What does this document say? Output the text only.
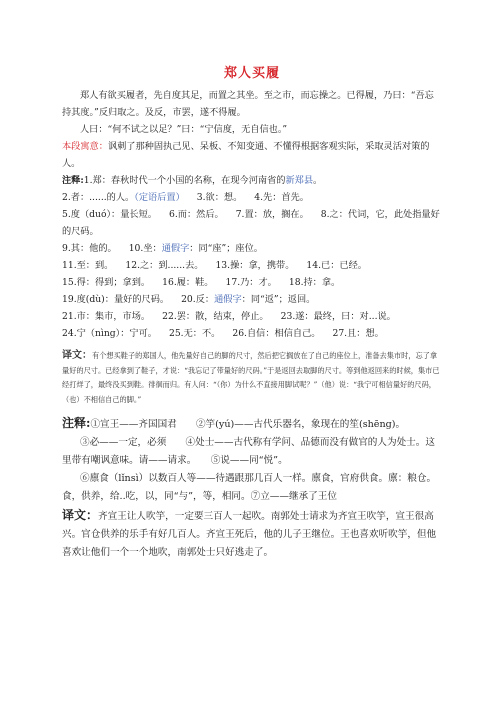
郑人买履

郑人有欲买履者，先自度其足，而置之其坐。至之市，而忘操之。已得履，乃曰：“吾忘持其度。”反归取之。及反，市罢，遂不得履。

人曰：“何不试之以足？”曰：“宁信度，无自信也。”

本段寓意：讽刺了那种固执己见、呆板、不知变通、不懂得根据客观实际，采取灵活对策的人。

注释:1.郑：春秋时代一个小国的名称，在现今河南省的新郑县。

2.者：......的人。（定语后置） 3.欲：想。 4.先：首先。

5.度（duó）：量长短。 6.而：然后。 7.置：放，搁在。 8.之：代词，它，此处指量好的尺码。

9.其：他的。 10.坐：通假字：同“座”；座位。

11.至：到。 12.之：到......去。 13.操：拿，携带。 14.已：已经。

15.得：得到；拿到。 16.履：鞋。 17.乃：才。 18.持：拿。

19.度(dù)：量好的尺码。 20.反：通假字：同“返”；返回。

21.市：集市，市场。 22.罢：散，结束，停止。 23.遂：最终，曰：对...说。

24.宁（nìng）：宁可。 25.无：不。 26.自信：相信自己。 27.且：想。

译文：有个想买鞋子的郑国人，他先量好自己的脚的尺寸，然后把它搁放在了自己的座位上，准备去集市时，忘了拿量好的尺寸。已经拿到了鞋子，才说：“我忘记了带量好的尺码。”于是返回去取脚的尺寸。等到他返回来的时候，集市已经打烊了，最终没买到鞋。徘徊而归。有人问：“（你）为什么不直接用脚试呢？”（他）说：“我宁可相信量好的尺码，（也）不相信自己的脚。”

注释:①宣王——齐国国君　　②竽(yú)——古代乐器名，象现在的笙(shēng)。

③必——一定，必须　　④处士——古代称有学问、品德而没有做官的人为处士。这里带有嘲讽意味。请——请求。　　⑤说——同“悦”。

⑥廪食（lǐnsì）以数百人等——待遇跟那几百人一样。廪食，官府供食。廪：粮仓。食，供养，给..吃，以，同“与”，等，相同。⑦立——继承了王位

译文：齐宣王让人吹竽，一定要三百人一起吹。南郭处士请求为齐宣王吹竽，宣王很高兴。官仓供养的乐手有好几百人。齐宣王死后，他的儿子王继位。王也喜欢听吹竽，但他喜欢让他们一个一个地吹，南郭处士只好逃走了。
